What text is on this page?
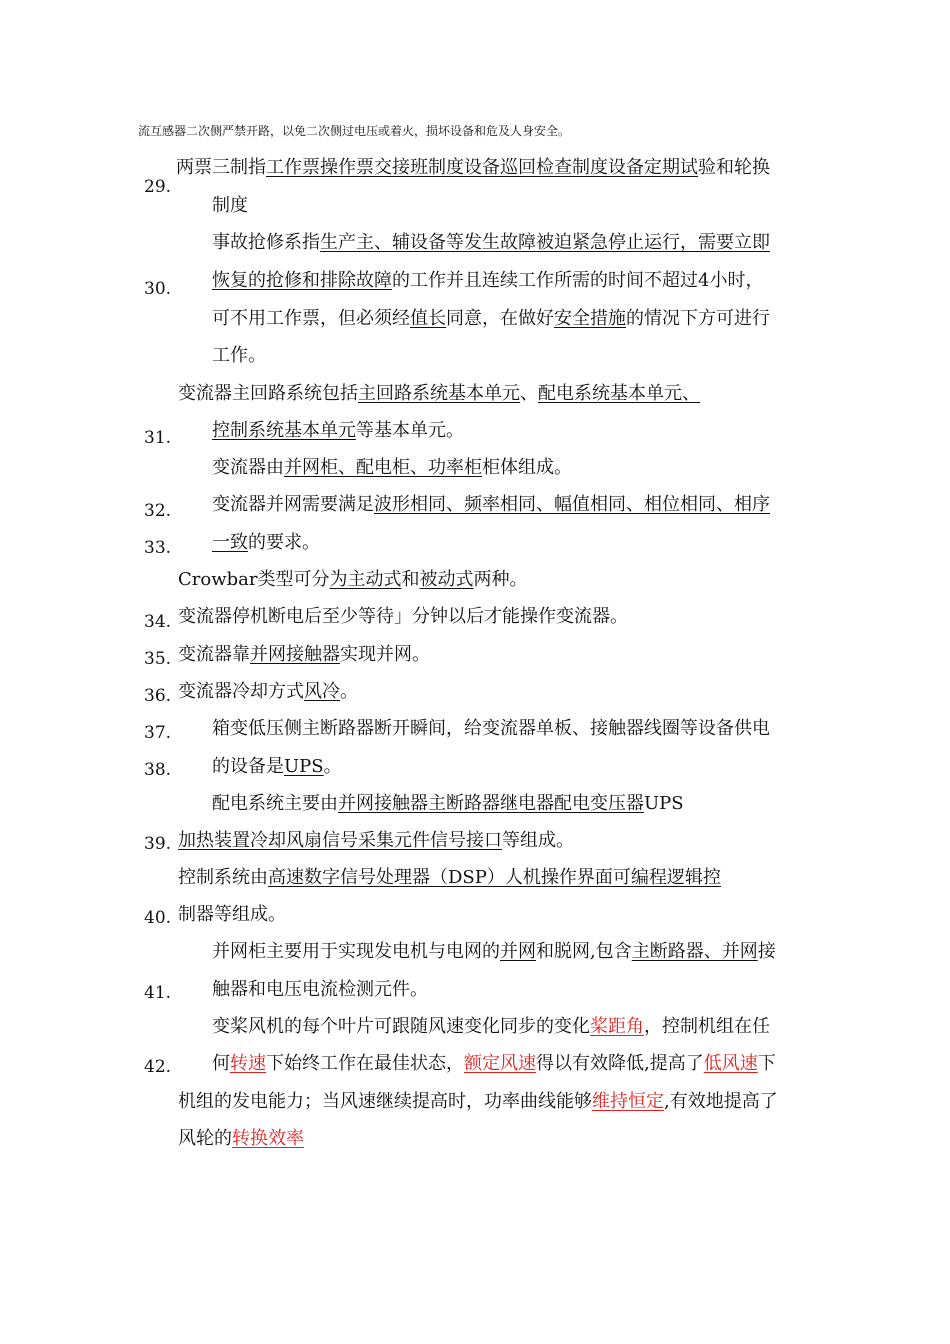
流互感器二次侧严禁开路，以免二次侧过电压或着火，损坏设备和危及人身安全。
两票三制指工作票操作票交接班制度设备巡回检查制度设备定期试验和轮换
制度
29.
事故抢修系指生产主、辅设备等发生故障被迫紧急停止运行，需要立即
恢复的抢修和排除故障的工作并且连续工作所需的时间不超过4小时，
30.
可不用工作票，但必须经值长同意，在做好安全措施的情况下方可进行
工作。
变流器主回路系统包括主回路系统基本单元、配电系统基本单元、
控制系统基本单元等基本单元。
31.
变流器由并网柜、配电柜、功率柜柜体组成。
32. 变流器并网需要满足波形相同、频率相同、幅值相同、相位相同、相序
一致的要求。
33.
Crowbar类型可分为主动式和被动式两种。
34. 变流器停机断电后至少等待」分钟以后才能操作变流器。
35. 变流器靠并网接触器实现并网。
36. 变流器冷却方式风冷。
37. 箱变低压侧主断路器断开瞬间，给变流器单板、接触器线圈等设备供电
38. 的设备是UPS。
配电系统主要由并网接触器主断路器继电器配电变压器UPS
39. 加热装置冷却风扇信号采集元件信号接口等组成。
控制系统由高速数字信号处理器（DSP）人机操作界面可编程逻辑控
40. 制器等组成。
并网柜主要用于实现发电机与电网的并网和脱网,包含主断路器、并网接
41. 触器和电压电流检测元件。
变桨风机的每个叶片可跟随风速变化同步的变化桨距角，控制机组在任
42. 何转速下始终工作在最佳状态，额定风速得以有效降低,提高了低风速下
机组的发电能力；当风速继续提高时，功率曲线能够维持恒定,有效地提高了
风轮的转换效率
